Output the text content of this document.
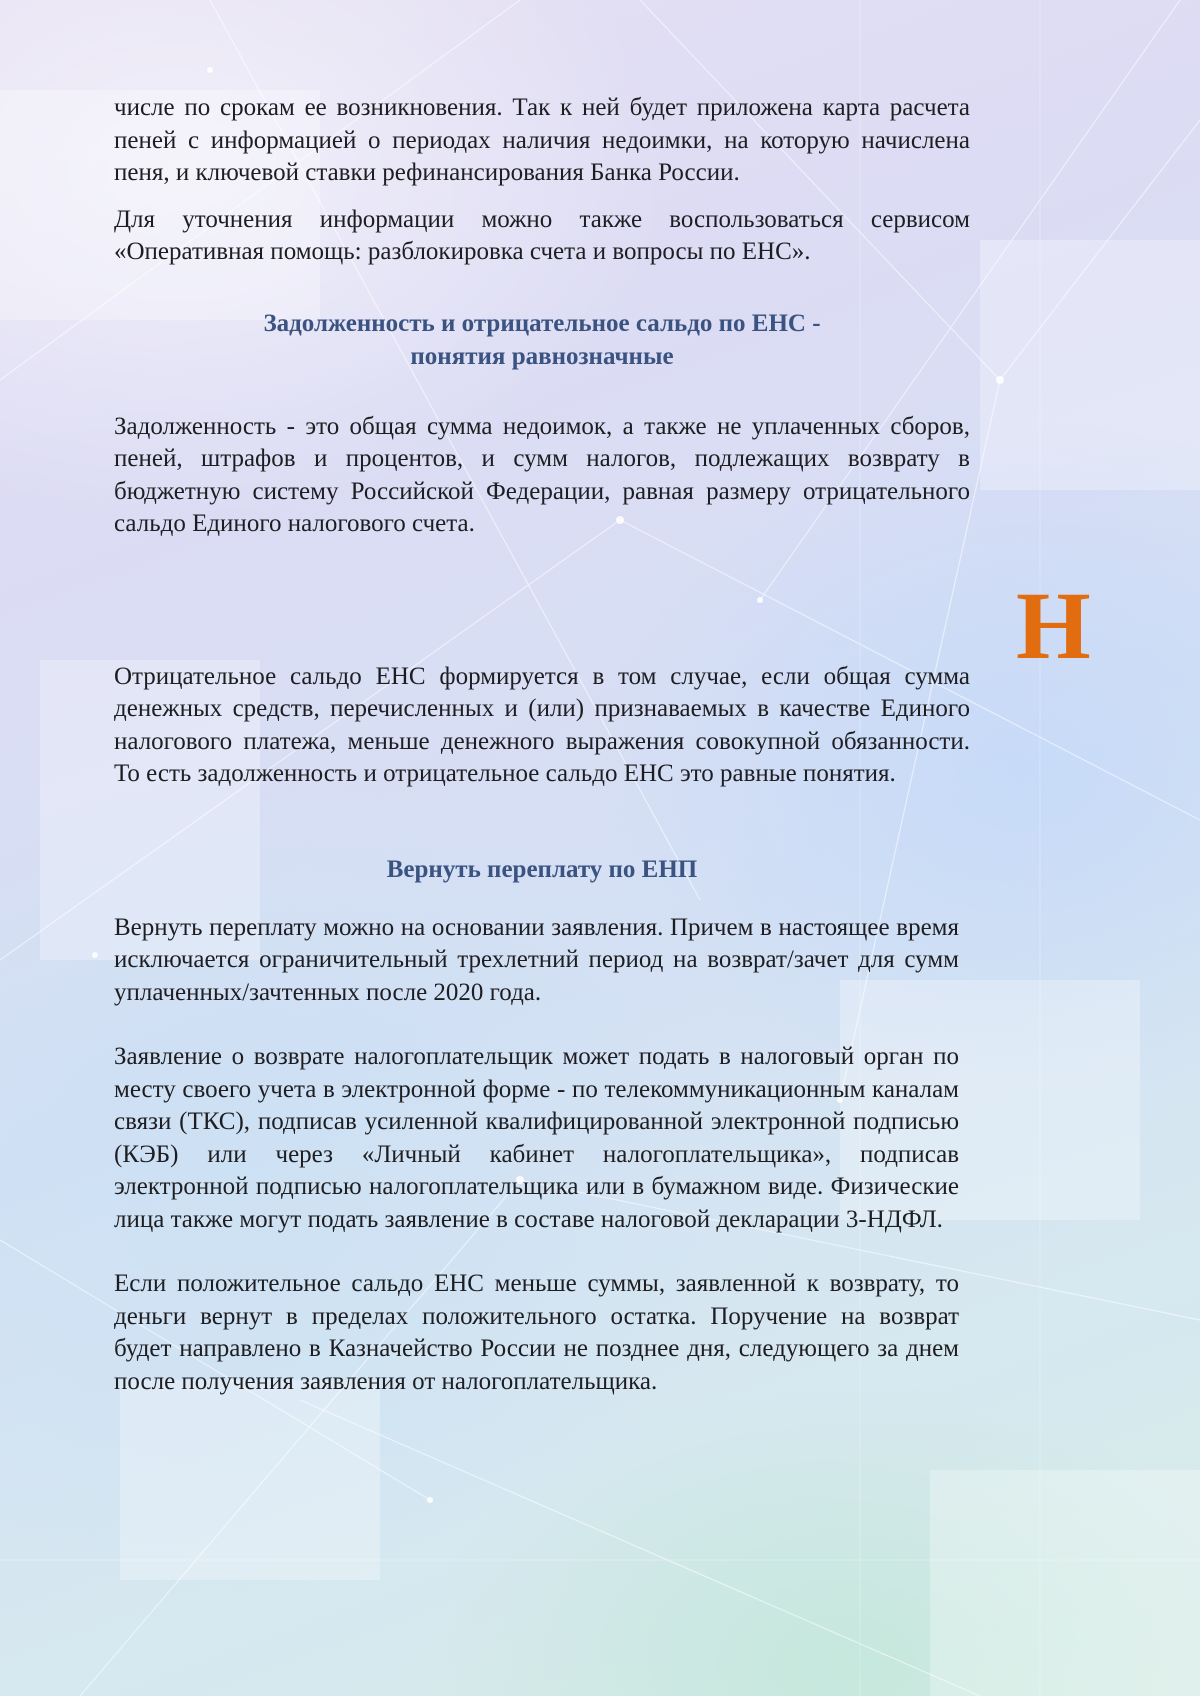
числе по срокам ее возникновения. Так к ней будет приложена карта расчета пеней с информацией о периодах наличия недоимки, на которую начислена пеня, и ключевой ставки рефинансирования Банка России.

Для уточнения информации можно также воспользоваться сервисом «Оперативная помощь: разблокировка счета и вопросы по ЕНС».

Задолженность и отрицательное сальдо по ЕНС -
понятия равнозначные

Задолженность - это общая сумма недоимок, а также не уплаченных сборов, пеней, штрафов и процентов, и сумм налогов, подлежащих возврату в бюджетную систему Российской Федерации, равная размеру отрицательного сальдо Единого налогового счета.

Отрицательное сальдо ЕНС формируется в том случае, если общая сумма денежных средств, перечисленных и (или) признаваемых в качестве Единого налогового платежа, меньше денежного выражения совокупной обязанности. То есть задолженность и отрицательное сальдо ЕНС это равные понятия.

Вернуть переплату по ЕНП

Вернуть переплату можно на основании заявления. Причем в настоящее время исключается ограничительный трехлетний период на возврат/зачет для сумм уплаченных/зачтенных после 2020 года.

Заявление о возврате налогоплательщик может подать в налоговый орган по месту своего учета в электронной форме - по телекоммуникационным каналам связи (ТКС), подписав усиленной квалифицированной электронной подписью (КЭБ) или через «Личный кабинет налогоплательщика», подписав электронной подписью налогоплательщика или в бумажном виде. Физические лица также могут подать заявление в составе налоговой декларации 3-НДФЛ.

Если положительное сальдо ЕНС меньше суммы, заявленной к возврату, то деньги вернут в пределах положительного остатка. Поручение на возврат будет направлено в Казначейство России не позднее дня, следующего за днем после получения заявления от налогоплательщика.

Н
